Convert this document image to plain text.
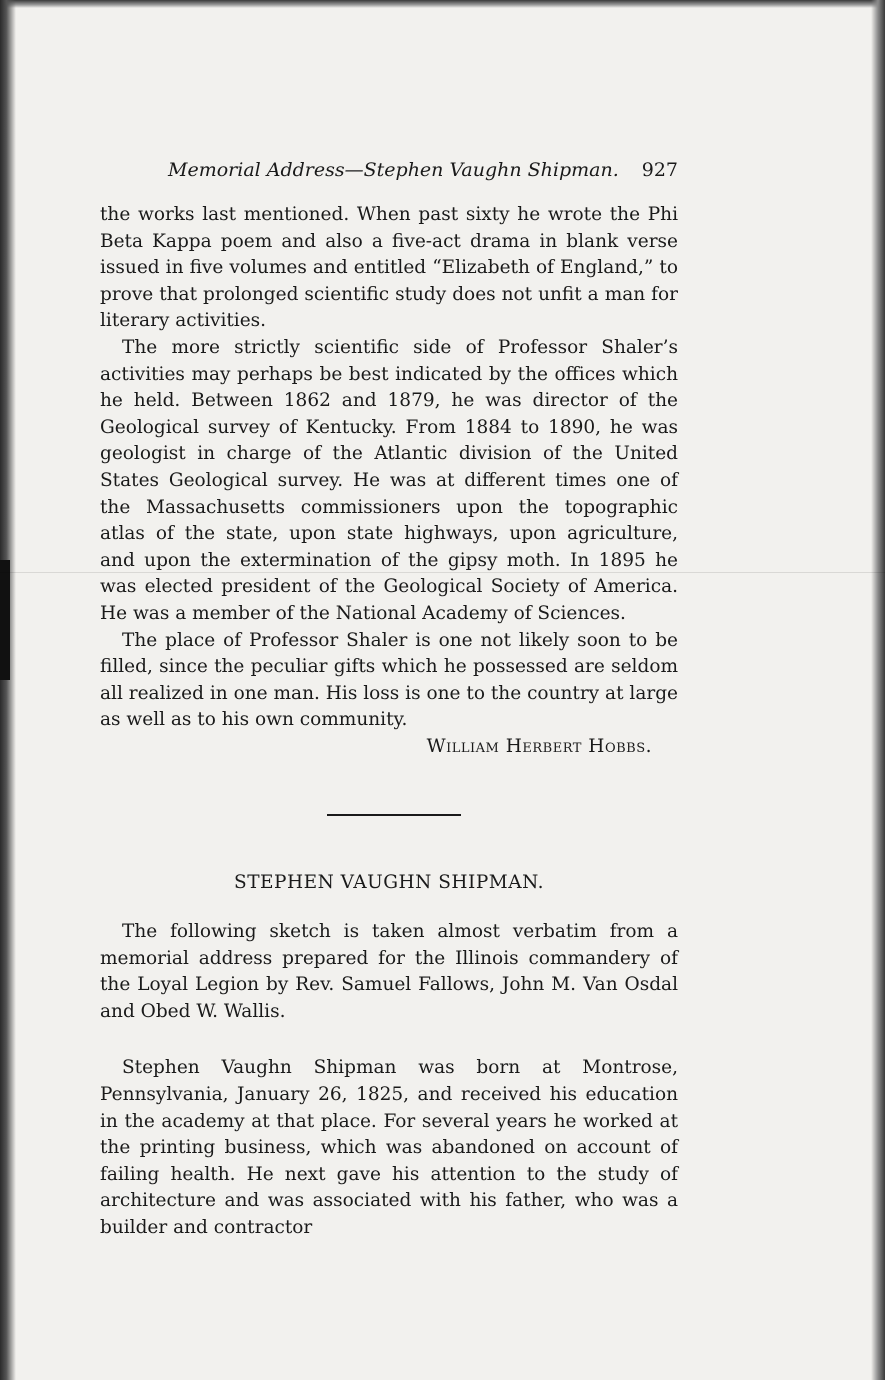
Memorial Address—Stephen Vaughn Shipman. 927

the works last mentioned. When past sixty he wrote the Phi Beta Kappa poem and also a five-act drama in blank verse issued in five volumes and entitled “Elizabeth of England,” to prove that prolonged scientific study does not unfit a man for literary activities.

The more strictly scientific side of Professor Shaler’s activities may perhaps be best indicated by the offices which he held. Between 1862 and 1879, he was director of the Geological survey of Kentucky. From 1884 to 1890, he was geologist in charge of the Atlantic division of the United States Geological survey. He was at different times one of the Massachusetts commissioners upon the topographic atlas of the state, upon state highways, upon agriculture, and upon the extermination of the gipsy moth. In 1895 he was elected president of the Geological Society of America. He was a member of the National Academy of Sciences.

The place of Professor Shaler is one not likely soon to be filled, since the peculiar gifts which he possessed are seldom all realized in one man. His loss is one to the country at large as well as to his own community.

William Herbert Hobbs.

STEPHEN VAUGHN SHIPMAN.

The following sketch is taken almost verbatim from a memorial address prepared for the Illinois commandery of the Loyal Legion by Rev. Samuel Fallows, John M. Van Osdal and Obed W. Wallis.

Stephen Vaughn Shipman was born at Montrose, Pennsylvania, January 26, 1825, and received his education in the academy at that place. For several years he worked at the printing business, which was abandoned on account of failing health. He next gave his attention to the study of architecture and was associated with his father, who was a builder and contractor
